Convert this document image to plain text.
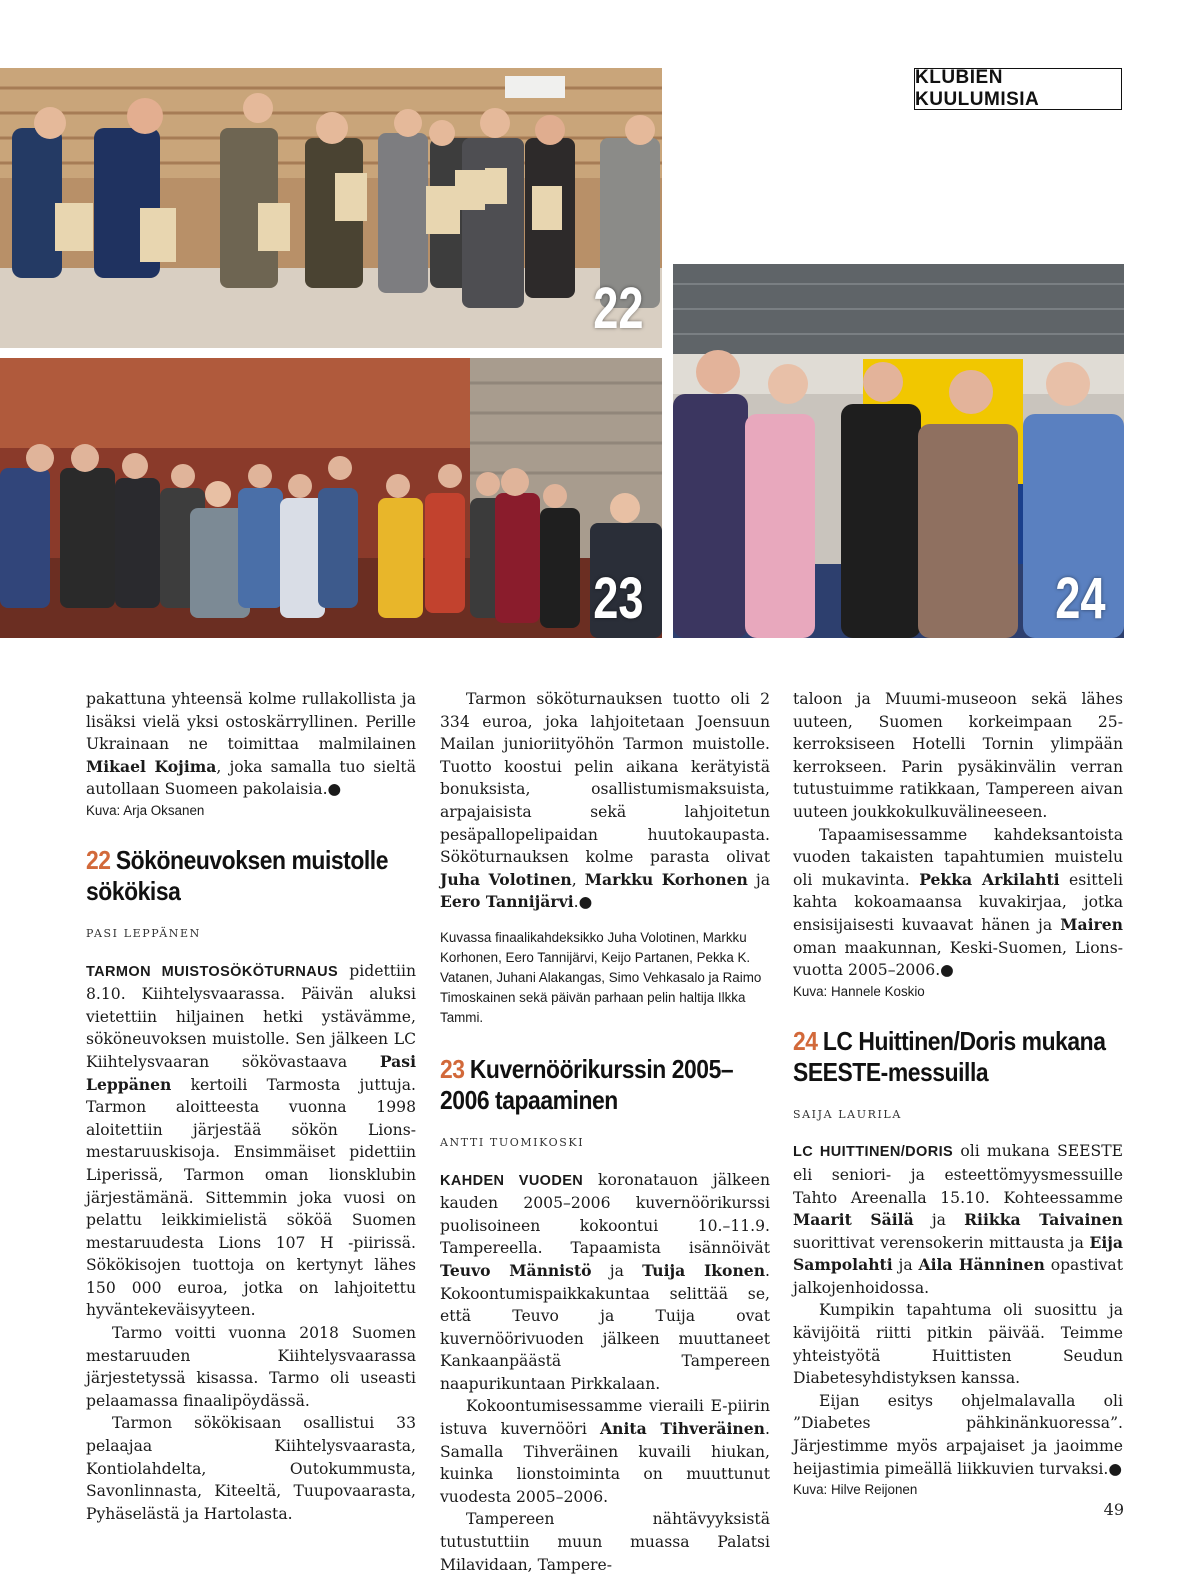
KLUBIEN KUULUMISIA
22
23	24

pakattuna yhteensä kolme rullakollista ja lisäksi vielä yksi ostoskärryllinen. Perille Ukrainaan ne toimittaa malmilainen Mikael Kojima, joka samalla tuo sieltä autollaan Suomeen pakolaisia.●

Kuva: Arja Oksanen

22 Sököneuvoksen muistolle sökökisa
PASI LEPPÄNEN

TARMON MUISTOSÖKÖTURNAUS pidettiin 8.10. Kiihtelysvaarassa. Päivän aluksi vietettiin hiljainen hetki ystävämme, sököneuvoksen muistolle. Sen jälkeen LC Kiihtelysvaaran sökövastaava Pasi Leppänen kertoili Tarmosta juttuja. Tarmon aloitteesta vuonna 1998 aloitettiin järjestää sökön Lions-mestaruuskisoja. Ensimmäiset pidettiin Liperissä, Tarmon oman lionsklubin järjestämänä. Sittemmin joka vuosi on pelattu leikkimielistä sököä Suomen mestaruudesta Lions 107 H -piirissä. Sökökisojen tuottoja on kertynyt lähes 150 000 euroa, jotka on lahjoitettu hyväntekeväisyyteen.

Tarmo voitti vuonna 2018 Suomen mestaruuden Kiihtelysvaarassa järjestetyssä kisassa. Tarmo oli useasti pelaamassa finaalipöydässä.

Tarmon sökökisaan osallistui 33 pelaajaa Kiihtelysvaarasta, Kontiolahdelta, Outokummusta, Savonlinnasta, Kiteeltä, Tuupovaarasta, Pyhäselästä ja Hartolasta.

Tarmon sököturnauksen tuotto oli 2 334 euroa, joka lahjoitetaan Joensuun Mailan junioriityöhön Tarmon muistolle. Tuotto koostui pelin aikana kerätyistä bonuksista, osallistumismaksuista, arpajaisista sekä lahjoitetun pesäpallopelipaidan huutokaupasta. Sököturnauksen kolme parasta olivat Juha Volotinen, Markku Korhonen ja Eero Tannijärvi.●

Kuvassa finaalikahdeksikko Juha Volotinen, Markku Korhonen, Eero Tannijärvi, Keijo Partanen, Pekka K. Vatanen, Juhani Alakangas, Simo Vehkasalo ja Raimo Timoskainen sekä päivän parhaan pelin haltija Ilkka Tammi.

23 Kuvernöörikurssin 2005–2006 tapaaminen
ANTTI TUOMIKOSKI

KAHDEN VUODEN koronatauon jälkeen kauden 2005–2006 kuvernöörikurssi puolisoineen kokoontui 10.–11.9. Tampereella. Tapaamista isännöivät Teuvo Männistö ja Tuija Ikonen. Kokoontumispaikkakuntaa selittää se, että Teuvo ja Tuija ovat kuvernöörivuoden jälkeen muuttaneet Kankaanpäästä Tampereen naapurikuntaan Pirkkalaan.

Kokoontumisessamme vieraili E-piirin istuva kuvernööri Anita Tihveräinen. Samalla Tihveräinen kuvaili hiukan, kuinka lionstoiminta on muuttunut vuodesta 2005–2006.

Tampereen nähtävyyksistä tutustuttiin muun muassa Palatsi Milavidaan, Tampere-

taloon ja Muumi-museoon sekä lähes uuteen, Suomen korkeimpaan 25-kerroksiseen Hotelli Tornin ylimpään kerrokseen. Parin pysäkinvälin verran tutustuimme ratikkaan, Tampereen aivan uuteen joukkokulkuvälineeseen.

Tapaamisessamme kahdeksantoista vuoden takaisten tapahtumien muistelu oli mukavinta. Pekka Arkilahti esitteli kahta kokoamaansa kuvakirjaa, jotka ensisijaisesti kuvaavat hänen ja Mairen oman maakunnan, Keski-Suomen, Lions-vuotta 2005–2006.●

Kuva: Hannele Koskio

24 LC Huittinen/Doris mukana SEESTE-messuilla
SAIJA LAURILA

LC HUITTINEN/DORIS oli mukana SEESTE eli seniori- ja esteettömyysmessuille Tahto Areenalla 15.10. Kohteessamme Maarit Säilä ja Riikka Taivainen suorittivat verensokerin mittausta ja Eija Sampolahti ja Aila Hänninen opastivat jalkojenhoidossa.

Kumpikin tapahtuma oli suosittu ja kävijöitä riitti pitkin päivää. Teimme yhteistyötä Huittisten Seudun Diabetesyhdistyksen kanssa.

Eijan esitys ohjelmalavalla oli ”Diabetes pähkinänkuoressa”. Järjestimme myös arpajaiset ja jaoimme heijastimia pimeällä liikkuvien turvaksi.●

Kuva: Hilve Reijonen

49
